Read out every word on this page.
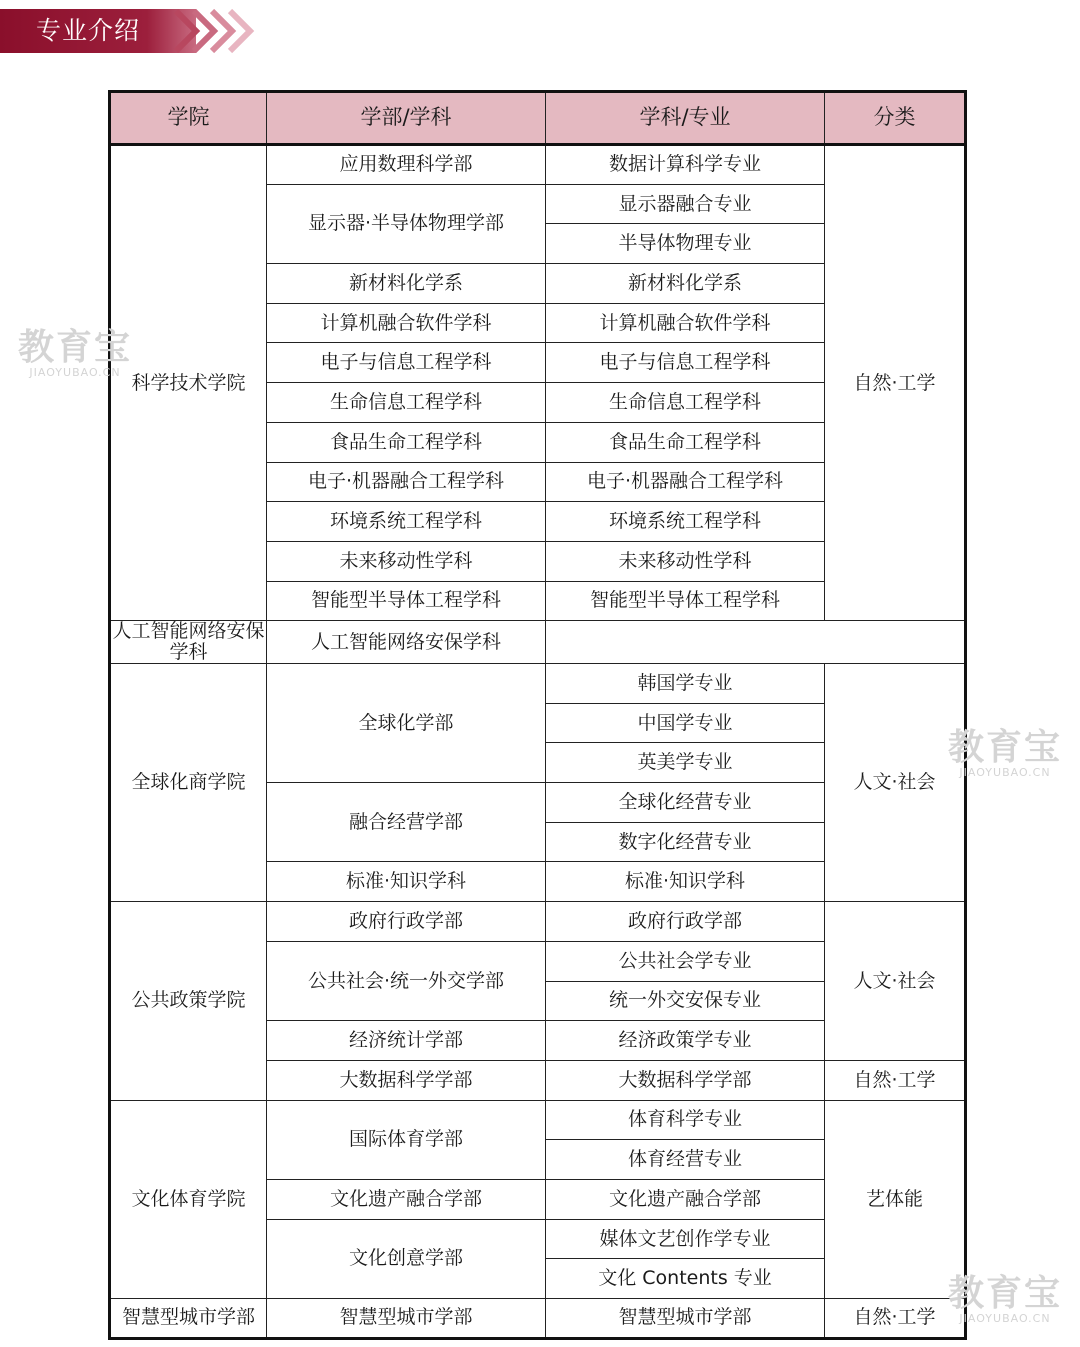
专业介绍
学院	学部/学科	学科/专业	分类
科学技术学院	应用数理科学部	数据计算科学专业	自然·工学
	显示器·半导体物理学部	显示器融合专业	
		半导体物理专业	
	新材料化学系	新材料化学系	
	计算机融合软件学科	计算机融合软件学科	
	电子与信息工程学科	电子与信息工程学科	
	生命信息工程学科	生命信息工程学科	
	食品生命工程学科	食品生命工程学科	
	电子·机器融合工程学科	电子·机器融合工程学科	
	环境系统工程学科	环境系统工程学科	
	未来移动性学科	未来移动性学科	
	智能型半导体工程学科	智能型半导体工程学科	
人工智能网络安保学科	人工智能网络安保学科		
全球化商学院	全球化学部	韩国学专业	人文·社会
		中国学专业	
		英美学专业	
	融合经营学部	全球化经营专业	
		数字化经营专业	
	标准·知识学科	标准·知识学科	
公共政策学院	政府行政学部	政府行政学部	人文·社会
	公共社会·统一外交学部	公共社会学专业	
		统一外交安保专业	
	经济统计学部	经济政策学专业	
	大数据科学学部	大数据科学学部	自然·工学
文化体育学院	国际体育学部	体育科学专业	艺体能
		体育经营专业	
	文化遗产融合学部	文化遗产融合学部	
	文化创意学部	媒体文艺创作学专业	
		文化 Contents 专业	
智慧型城市学部	智慧型城市学部	智慧型城市学部	自然·工学
教育宝
JIAOYUBAO.CN
教育宝
JIAOYUBAO.CN
教育宝
JIAOYUBAO.CN
